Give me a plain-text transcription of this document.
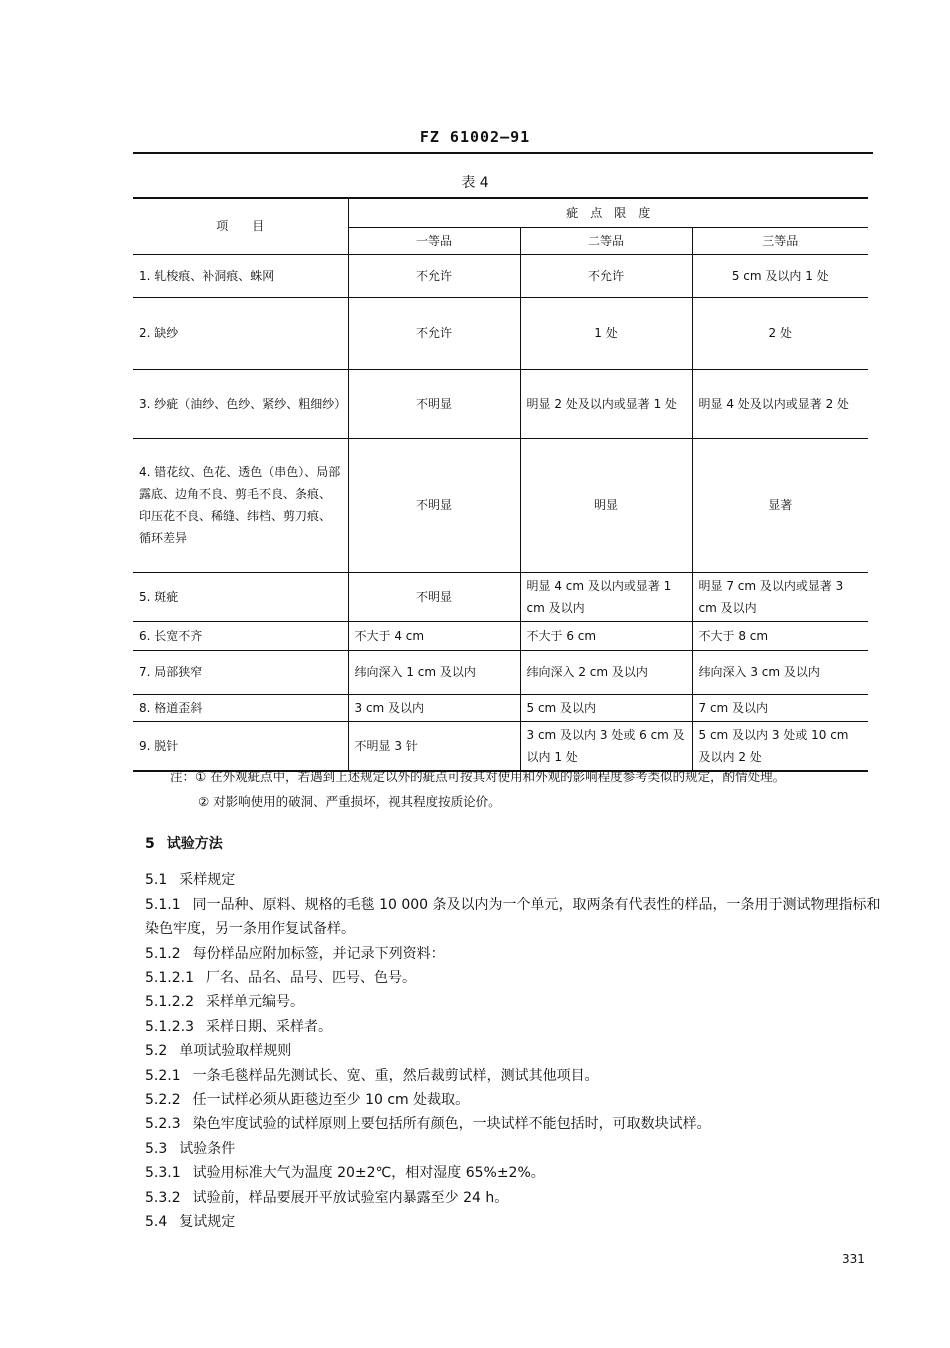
FZ 61002—91
表 4
项　　目	疵　点　限　度		
	一等品	二等品	三等品
1. 轧梭痕、补洞痕、蛛网	不允许	不允许	5 cm 及以内 1 处
2. 缺纱	不允许	1 处	2 处
3. 纱疵（油纱、色纱、紧纱、粗细纱）	不明显	明显 2 处及以内或显著 1 处	明显 4 处及以内或显著 2 处
4. 错花纹、色花、透色（串色）、局部露底、边角不良、剪毛不良、条痕、印压花不良、稀缝、纬档、剪刀痕、循环差异	不明显	明显	显著
5. 斑疵	不明显	明显 4 cm 及以内或显著 1 cm 及以内	明显 7 cm 及以内或显著 3 cm 及以内
6. 长宽不齐	不大于 4 cm	不大于 6 cm	不大于 8 cm
7. 局部狭窄	纬向深入 1 cm 及以内	纬向深入 2 cm 及以内	纬向深入 3 cm 及以内
8. 格道歪斜	3 cm 及以内	5 cm 及以内	7 cm 及以内
9. 脱针	不明显 3 针	3 cm 及以内 3 处或 6 cm 及以内 1 处	5 cm 及以内 3 处或 10 cm 及以内 2 处
注：① 在外观疵点中，若遇到上述规定以外的疵点可按其对使用和外观的影响程度参考类似的规定，酌情处理。
② 对影响使用的破洞、严重损坏，视其程度按质论价。

5 试验方法

5.1 采样规定

5.1.1 同一品种、原料、规格的毛毯 10 000 条及以内为一个单元，取两条有代表性的样品，一条用于测试物理指标和染色牢度，另一条用作复试备样。

5.1.2 每份样品应附加标签，并记录下列资料：

5.1.2.1 厂名、品名、品号、匹号、色号。

5.1.2.2 采样单元编号。

5.1.2.3 采样日期、采样者。

5.2 单项试验取样规则

5.2.1 一条毛毯样品先测试长、宽、重，然后裁剪试样，测试其他项目。

5.2.2 任一试样必须从距毯边至少 10 cm 处裁取。

5.2.3 染色牢度试验的试样原则上要包括所有颜色，一块试样不能包括时，可取数块试样。

5.3 试验条件

5.3.1 试验用标准大气为温度 20±2℃，相对湿度 65%±2%。

5.3.2 试验前，样品要展开平放试验室内暴露至少 24 h。

5.4 复试规定

331
